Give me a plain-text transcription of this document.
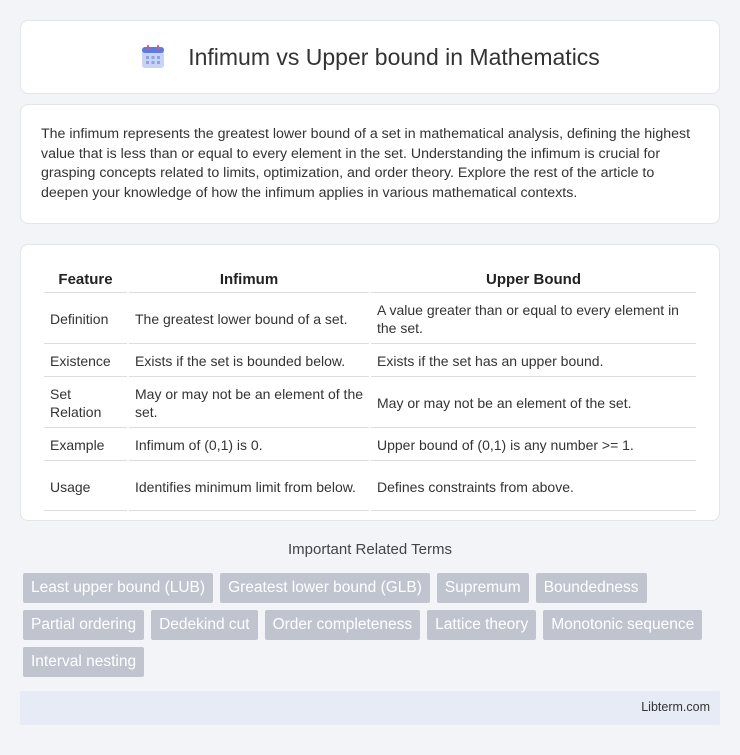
Infimum vs Upper bound in Mathematics

The infimum represents the greatest lower bound of a set in mathematical analysis, defining the highest value that is less than or equal to every element in the set. Understanding the infimum is crucial for grasping concepts related to limits, optimization, and order theory. Explore the rest of the article to deepen your knowledge of how the infimum applies in various mathematical contexts.

Feature	Infimum	Upper Bound
Definition	The greatest lower bound of a set.	A value greater than or equal to every element in the set.
Existence	Exists if the set is bounded below.	Exists if the set has an upper bound.
Set Relation	May or may not be an element of the set.	May or may not be an element of the set.
Example	Infimum of (0,1) is 0.	Upper bound of (0,1) is any number >= 1.
Usage	Identifies minimum limit from below.	Defines constraints from above.
Important Related Terms
Least upper bound (LUB)	Greatest lower bound (GLB)	Supremum	Boundedness
Partial ordering	Dedekind cut	Order completeness	Lattice theory	Monotonic sequence
Interval nesting
Libterm.com
